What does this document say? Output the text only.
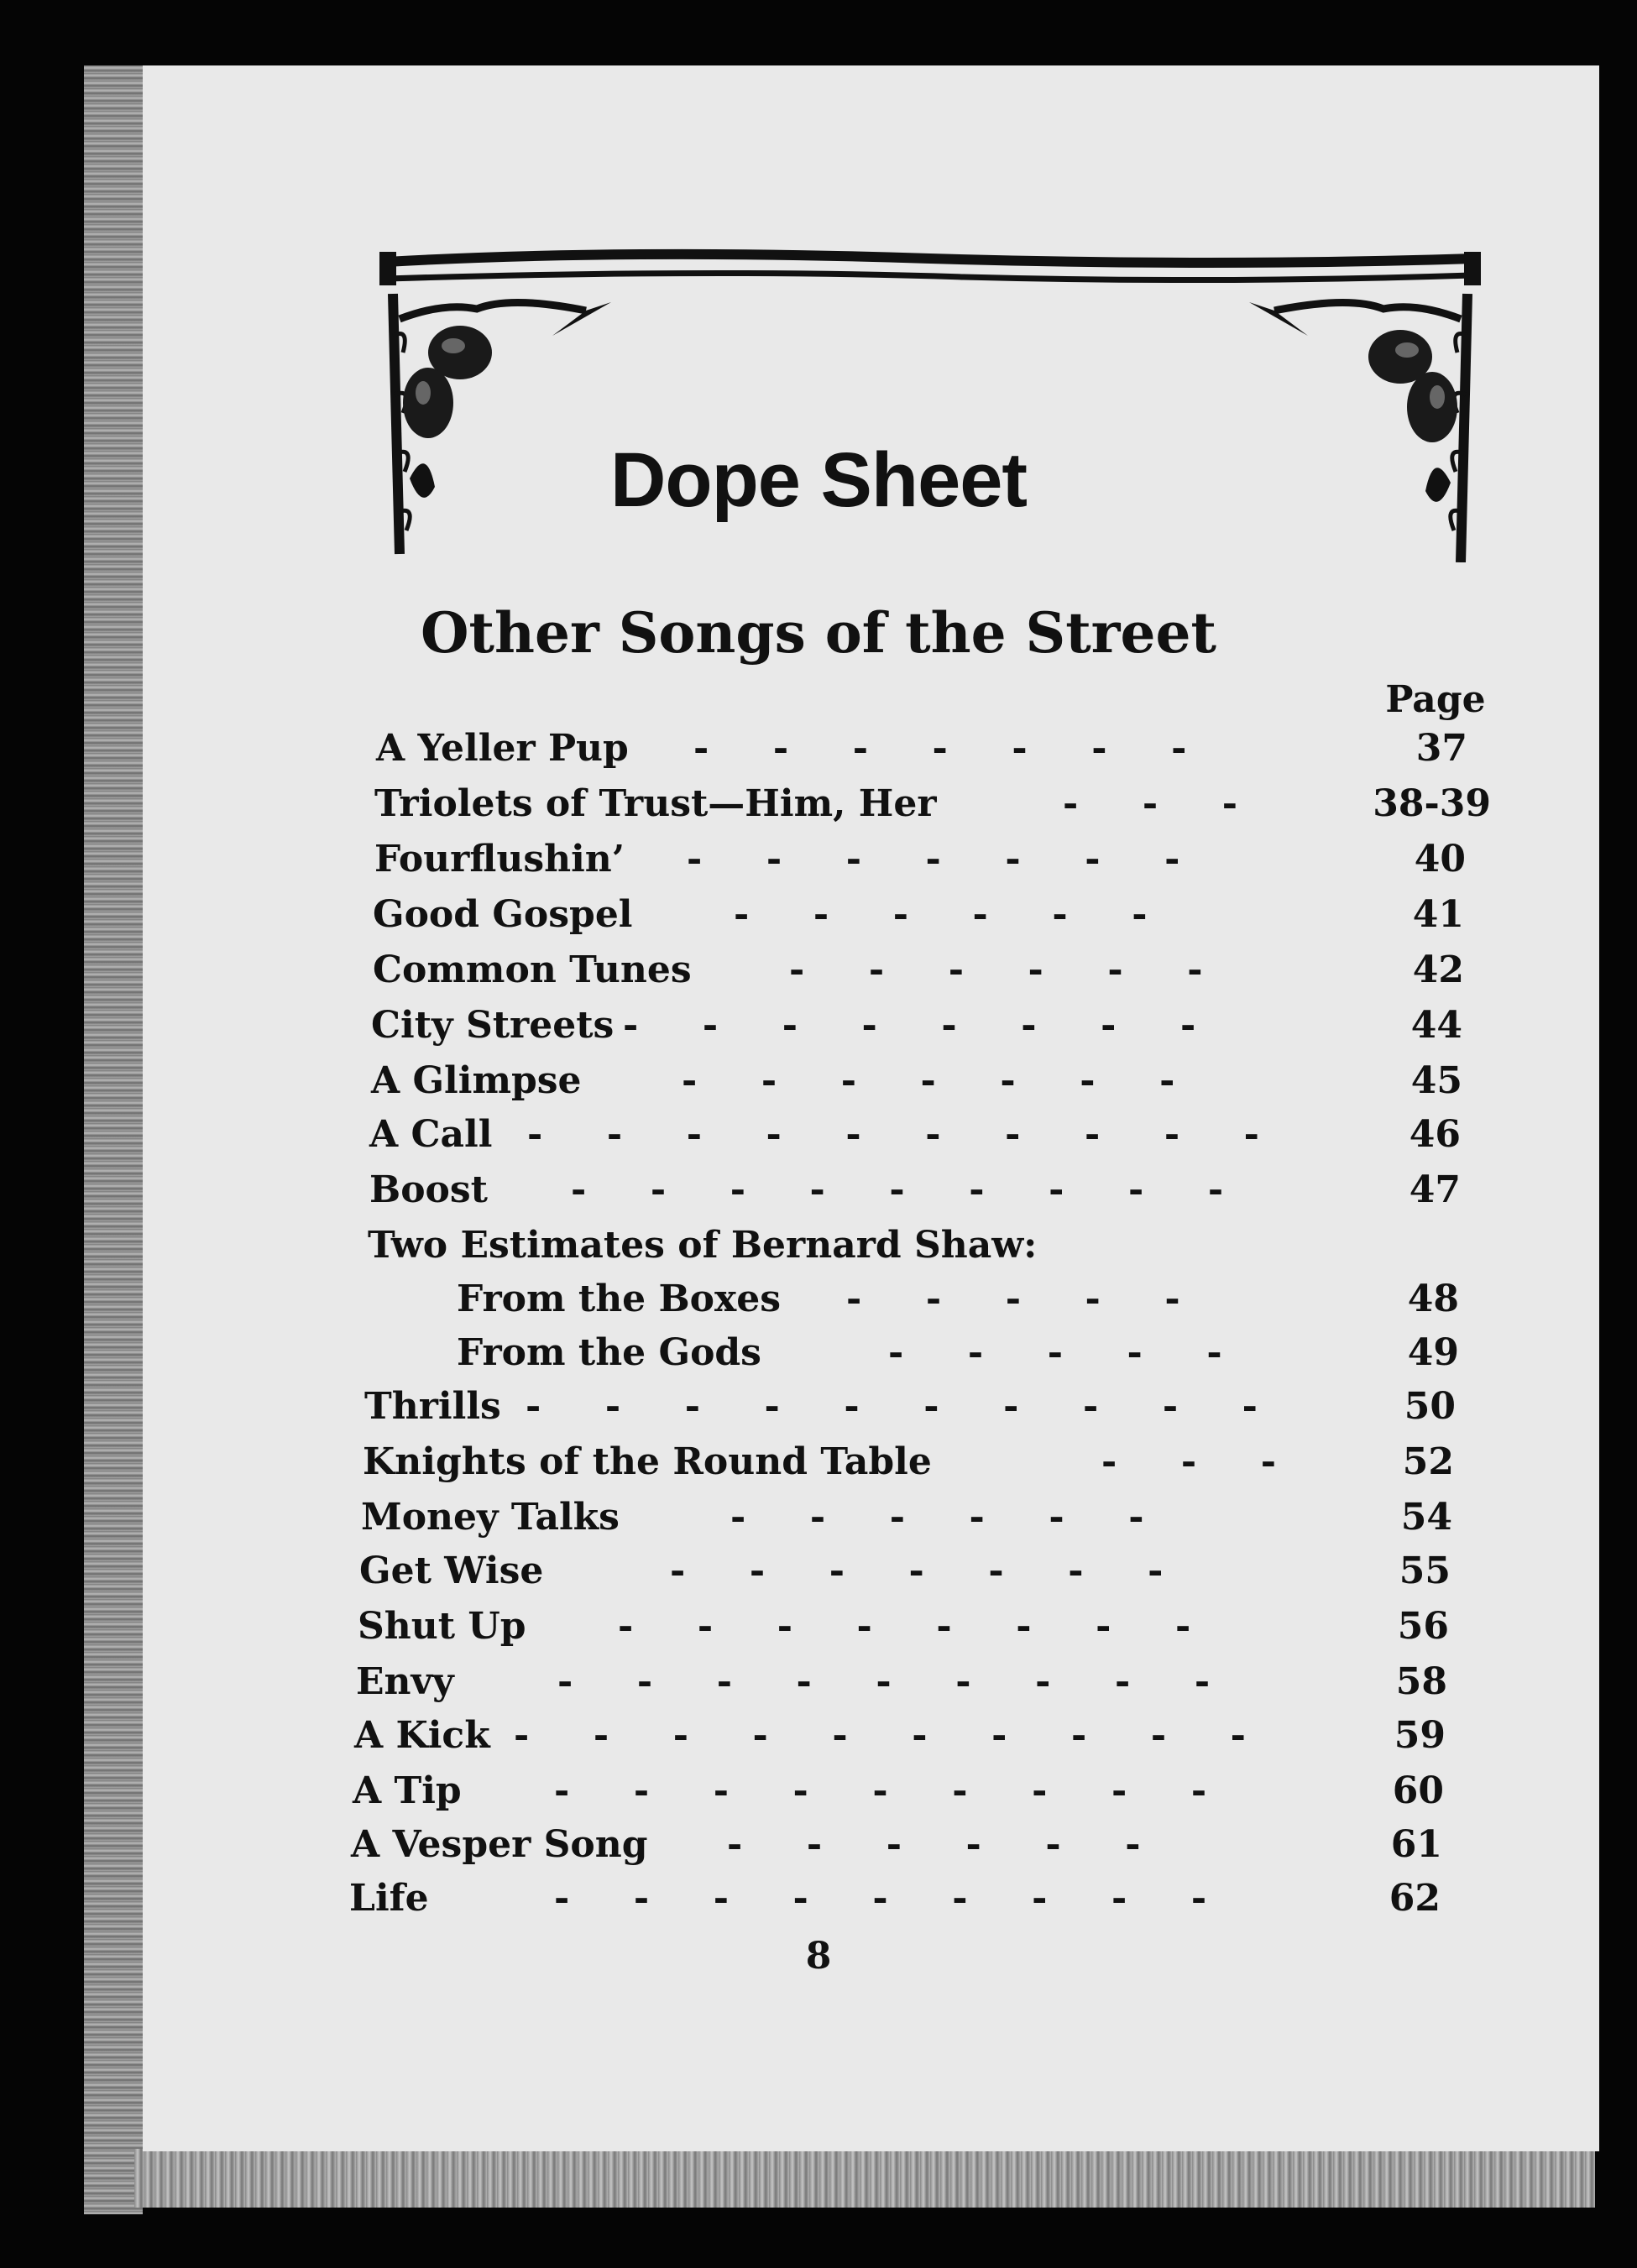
Dope Sheet
Other Songs of the Street
Page
A Yeller Pup -     -     -     -     -     -     -	37
Triolets of Trust—Him, Her	-     -     -	38-39
Fourflushin’ -     -     -     -     -     -     -	40
Good Gospel	-     -     -     -     -     -	41
Common Tunes	-     -     -     -     -     -	42
City Streets -     -     -     -     -     -     -     -	44
A Glimpse	-     -     -     -     -     -     -	45
A Call -     -     -     -     -     -     -     -     -     -	46
Boost -     -     -     -     -     -     -     -     -	47
Two Estimates of Bernard Shaw:
From the Boxes -     -     -     -     -	48
From the Gods	-     -     -     -     -	49
Thrills -     -     -     -     -     -     -     -     -     -	50
Knights of the Round Table	-     -     -	52
Money Talks	-     -     -     -     -     -	54
Get Wise	-     -     -     -     -     -     -	55
Shut Up -     -     -     -     -     -     -     -	56
Envy	-     -     -     -     -     -     -     -     -	58
A Kick -     -     -     -     -     -     -     -     -     -	59
A Tip	-     -     -     -     -     -     -     -     -	60
A Vesper Song -     -     -     -     -     -	61
Life	-     -     -     -     -     -     -     -     -	62
8
